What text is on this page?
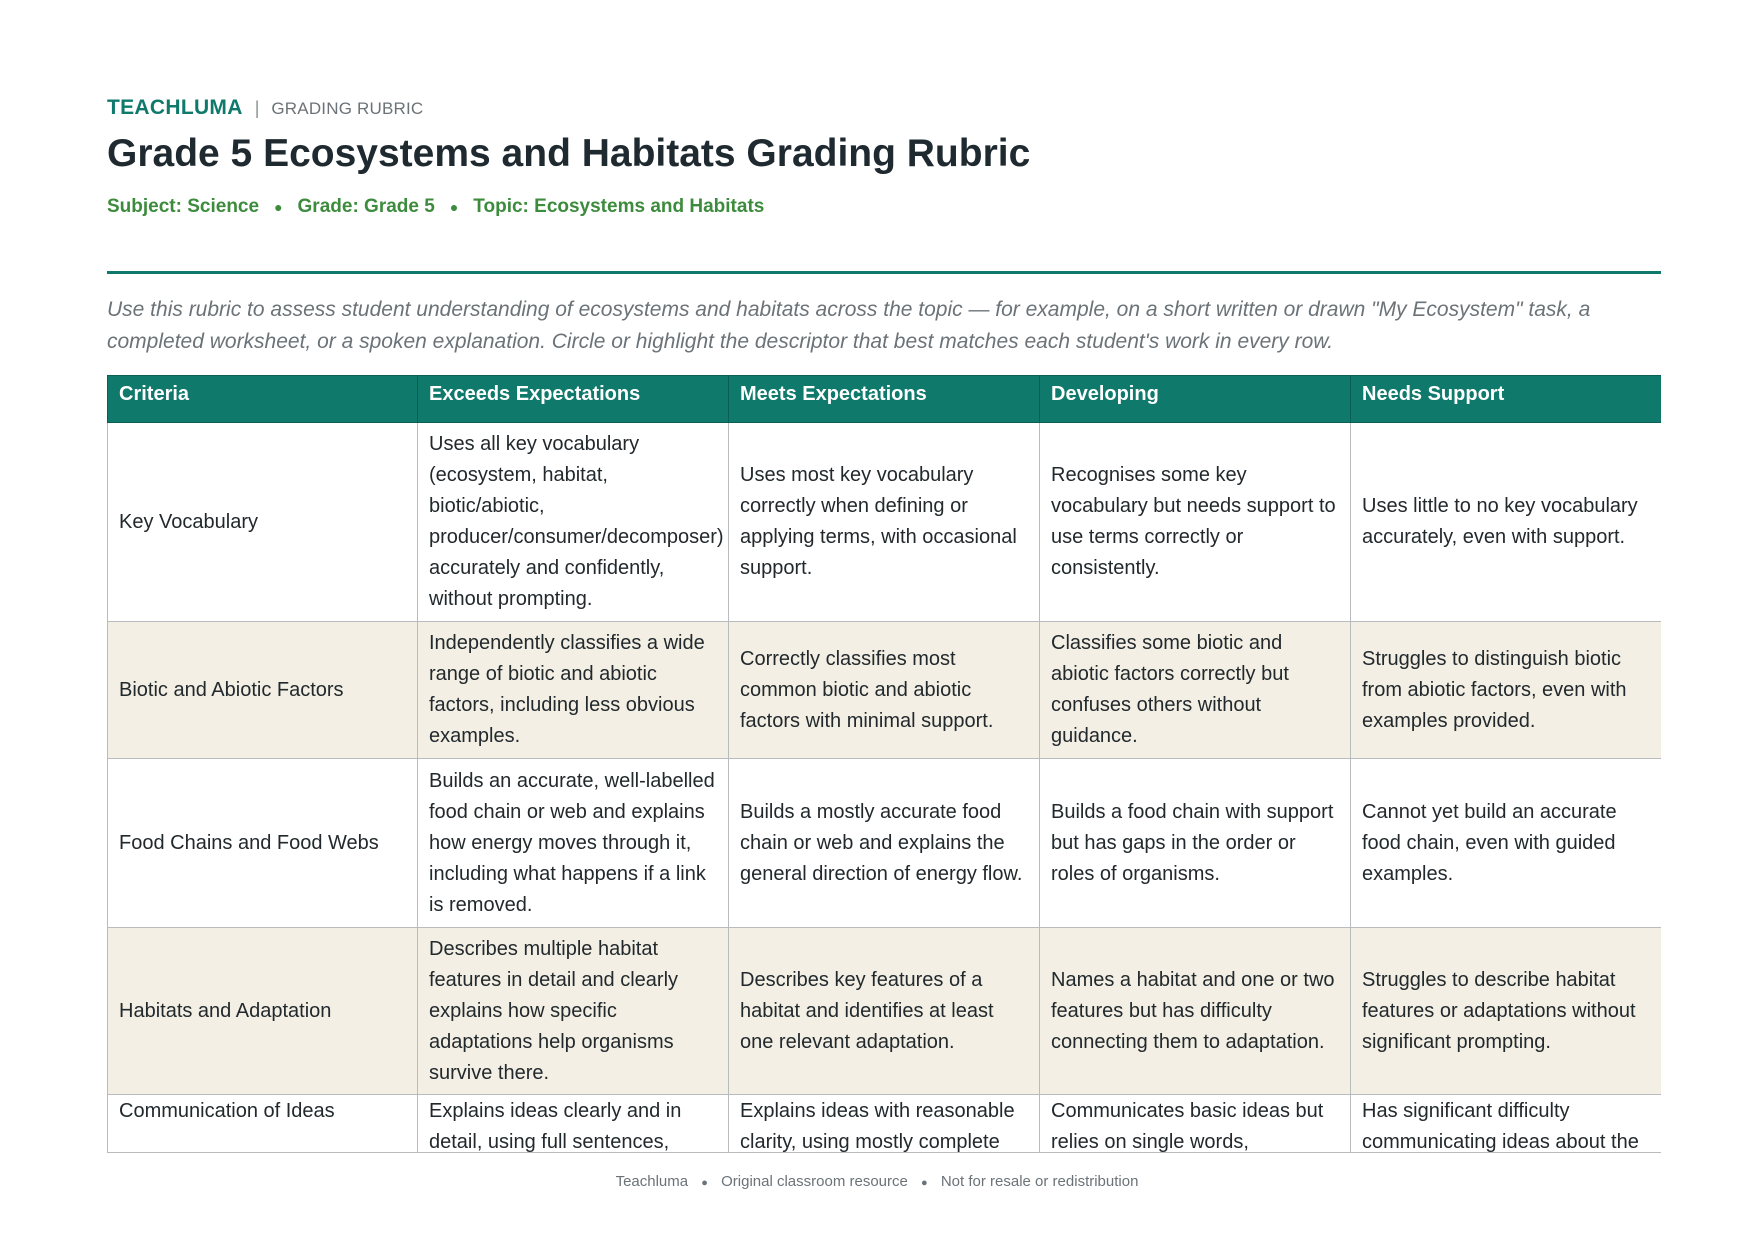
TEACHLUMA | GRADING RUBRIC
Grade 5 Ecosystems and Habitats Grading Rubric
Subject: Science ● Grade: Grade 5 ● Topic: Ecosystems and Habitats

Use this rubric to assess student understanding of ecosystems and habitats across the topic — for example, on a short written or drawn "My Ecosystem" task, a completed worksheet, or a spoken explanation. Circle or highlight the descriptor that best matches each student's work in every row.

Criteria	Exceeds Expectations	Meets Expectations	Developing	Needs Support
Key Vocabulary	Uses all key vocabulary (ecosystem, habitat, biotic/abiotic, producer/consumer/decomposer) accurately and confidently, without prompting.	Uses most key vocabulary correctly when defining or applying terms, with occasional support.	Recognises some key vocabulary but needs support to use terms correctly or consistently.	Uses little to no key vocabulary accurately, even with support.
Biotic and Abiotic Factors	Independently classifies a wide range of biotic and abiotic factors, including less obvious examples.	Correctly classifies most common biotic and abiotic factors with minimal support.	Classifies some biotic and abiotic factors correctly but confuses others without guidance.	Struggles to distinguish biotic from abiotic factors, even with examples provided.
Food Chains and Food Webs	Builds an accurate, well-labelled food chain or web and explains how energy moves through it, including what happens if a link is removed.	Builds a mostly accurate food chain or web and explains the general direction of energy flow.	Builds a food chain with support but has gaps in the order or roles of organisms.	Cannot yet build an accurate food chain, even with guided examples.
Habitats and Adaptation	Describes multiple habitat features in detail and clearly explains how specific adaptations help organisms survive there.	Describes key features of a habitat and identifies at least one relevant adaptation.	Names a habitat and one or two features but has difficulty connecting them to adaptation.	Struggles to describe habitat features or adaptations without significant prompting.
Communication of Ideas	Explains ideas clearly and in detail, using full sentences,	Explains ideas with reasonable clarity, using mostly complete	Communicates basic ideas but relies on single words,	Has significant difficulty communicating ideas about the
Teachluma ● Original classroom resource ● Not for resale or redistribution
